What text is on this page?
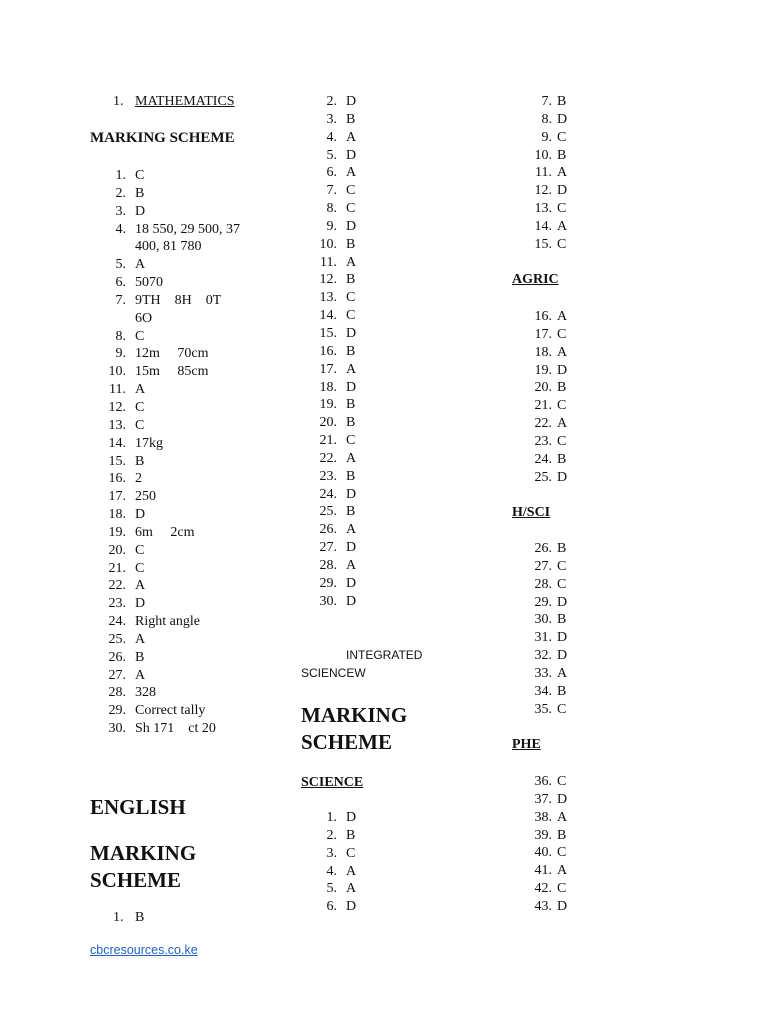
1. MATHEMATICS
MARKING SCHEME
1. C
2. B
3. D
4. 18 550, 29 500, 37
400, 81 780
5. A
6. 5070
7. 9TH    8H    0T
6O
8. C
9. 12m     70cm
10. 15m     85cm
11. A
12. C
13. C
14. 17kg
15. B
16. 2
17. 250
18. D
19. 6m     2cm
20. C
21. C
22. A
23. D
24. Right angle
25. A
26. B
27. A
28. 328
29. Correct tally
30. Sh 171    ct 20
ENGLISH
MARKING
SCHEME
1. B
cbcresources.co.ke
2. D
3. B
4. A
5. D
6. A
7. C
8. C
9. D
10. B
11. A
12. B
13. C
14. C
15. D
16. B
17. A
18. D
19. B
20. B
21. C
22. A
23. B
24. D
25. B
26. A
27. D
28. A
29. D
30. D
INTEGRATED
SCIENCEW
MARKING
SCHEME
SCIENCE
1. D
2. B
3. C
4. A
5. A
6. D
7. B
8. D
9. C
10. B
11. A
12. D
13. C
14. A
15. C
AGRIC
16. A
17. C
18. A
19. D
20. B
21. C
22. A
23. C
24. B
25. D
H/SCI
26. B
27. C
28. C
29. D
30. B
31. D
32. D
33. A
34. B
35. C
PHE
36. C
37. D
38. A
39. B
40. C
41. A
42. C
43. D
